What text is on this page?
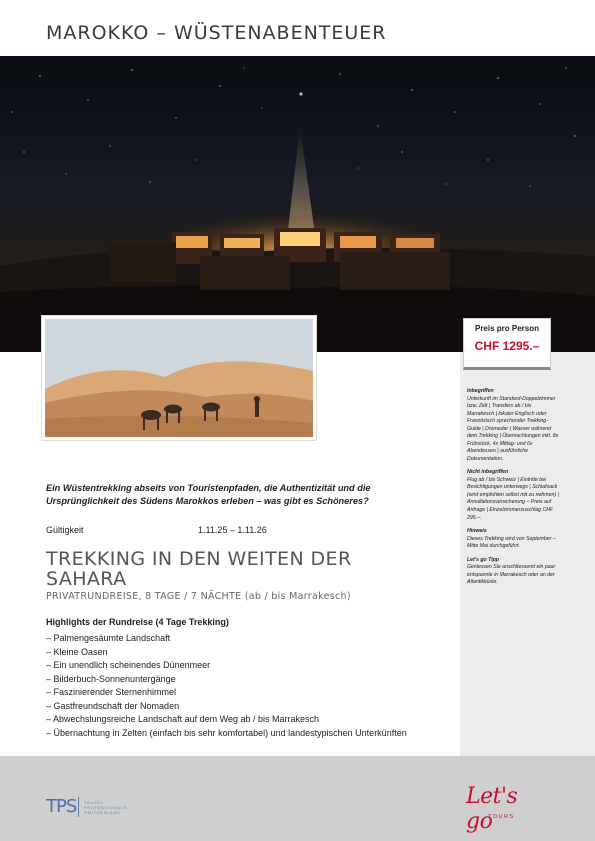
MAROKKO – WÜSTENABENTEUER
Preis pro Person
CHF 1295.–
Inbegriffen
Unterkunft im Standard-Doppelzimmer bzw. Zelt | Transfers ab / bis Marrakesch | lokaler Englisch oder Französisch sprechender Trekking-Guide | Dromedar | Wasser während dem Trekking | Übernachtungen inkl. 8x Frühstück, 4x Mittag- und 6x Abendessen | ausführliche Dokumentation.
Nicht inbegriffen
Flug ab / bis Schweiz | Eintritte bei Besichtigungen unterwegs | Schlafsack (wird empfohlen selbst mit zu nehmen) | Annullationsversicherung – Preis auf Anfrage | Einzelzimmerzuschlag CHF 295.–.
Hinweis
Dieses Trekking wird von September – Mitte Mai durchgeführt.
Let's go Tipp
Geniessen Sie anschliessend ein paar entspannte in Marrakesch oder an der Atlantikküste.

Ein Wüstentrekking abseits von Touristenpfaden, die Authentizität und die Ursprünglichkeit des Südens Marokkos erleben – was gibt es Schöneres?

Gültigkeit	1.11.25 – 1.11.26
TREKKING IN DEN WEITEN DER SAHARA
PRIVATRUNDREISE, 8 TAGE / 7 NÄCHTE (ab / bis Marrakesch)
Highlights der Rundreise (4 Tage Trekking)
– Palmengesäumte Landschaft
– Kleine Oasen
– Ein unendlich scheinendes Dünenmeer
– Bilderbuch-Sonnenuntergänge
– Faszinierender Sternenhimmel
– Gastfreundschaft der Nomaden
– Abwechslungsreiche Landschaft auf dem Weg ab / bis Marrakesch
– Übernachtung in Zelten (einfach bis sehr komfortabel) und landestypischen Unterkünften
TPS TRAVEL
PROFESSIONALS
SWITZERLAND
Let's go
TOURS
